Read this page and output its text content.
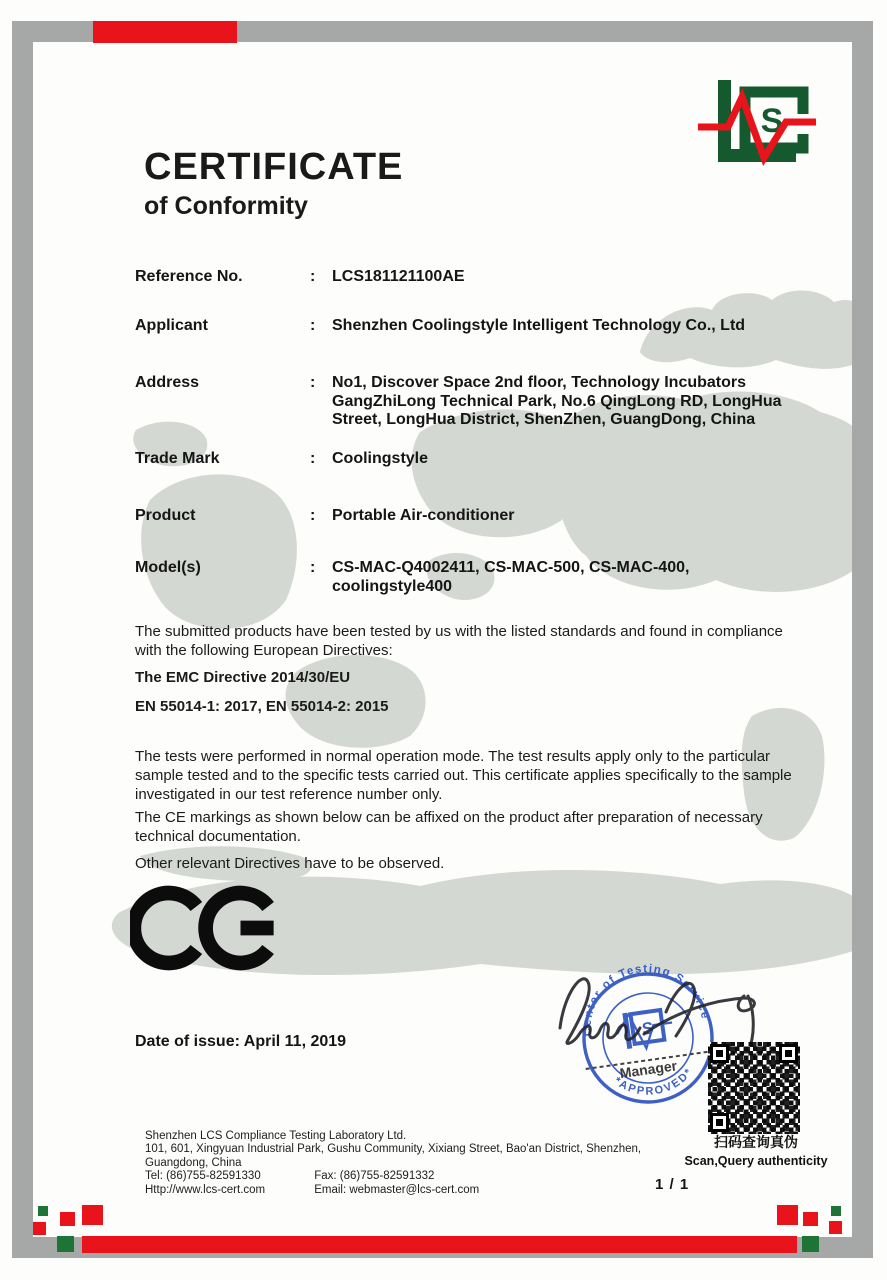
S
CERTIFICATE
of Conformity
Reference No.	:	LCS181121100AE
Applicant	:	Shenzhen Coolingstyle Intelligent Technology Co., Ltd
Address	:	No1, Discover Space 2nd floor, Technology Incubators GangZhiLong Technical Park, No.6 QingLong RD, LongHua Street, LongHua District, ShenZhen, GuangDong, China
Trade Mark	:	Coolingstyle
Product	:	Portable Air-conditioner
Model(s)	:	CS-MAC-Q4002411, CS-MAC-500, CS-MAC-400, coolingstyle400
The submitted products have been tested by us with the listed standards and found in compliance with the following European Directives:
The EMC Directive 2014/30/EU
EN 55014-1: 2017, EN 55014-2: 2015
The tests were performed in normal operation mode. The test results apply only to the particular sample tested and to the specific tests carried out. This certificate applies specifically to the sample investigated in our test reference number only.
The CE markings as shown below can be affixed on the product after preparation of necessary technical documentation.
Other relevant Directives have to be observed.
Date of issue: April 11, 2019
Center of Testing Service
*APPROVED*
S
Manager
扫码查询真伪
Scan,Query authenticity
Shenzhen LCS Compliance Testing Laboratory Ltd.
101, 601, Xingyuan Industrial Park, Gushu Community, Xixiang Street, Bao'an District, Shenzhen,
Guangdong, China
Tel: (86)755-82591330	Fax: (86)755-82591332
Http://www.lcs-cert.com	Email: webmaster@lcs-cert.com	1 / 1
